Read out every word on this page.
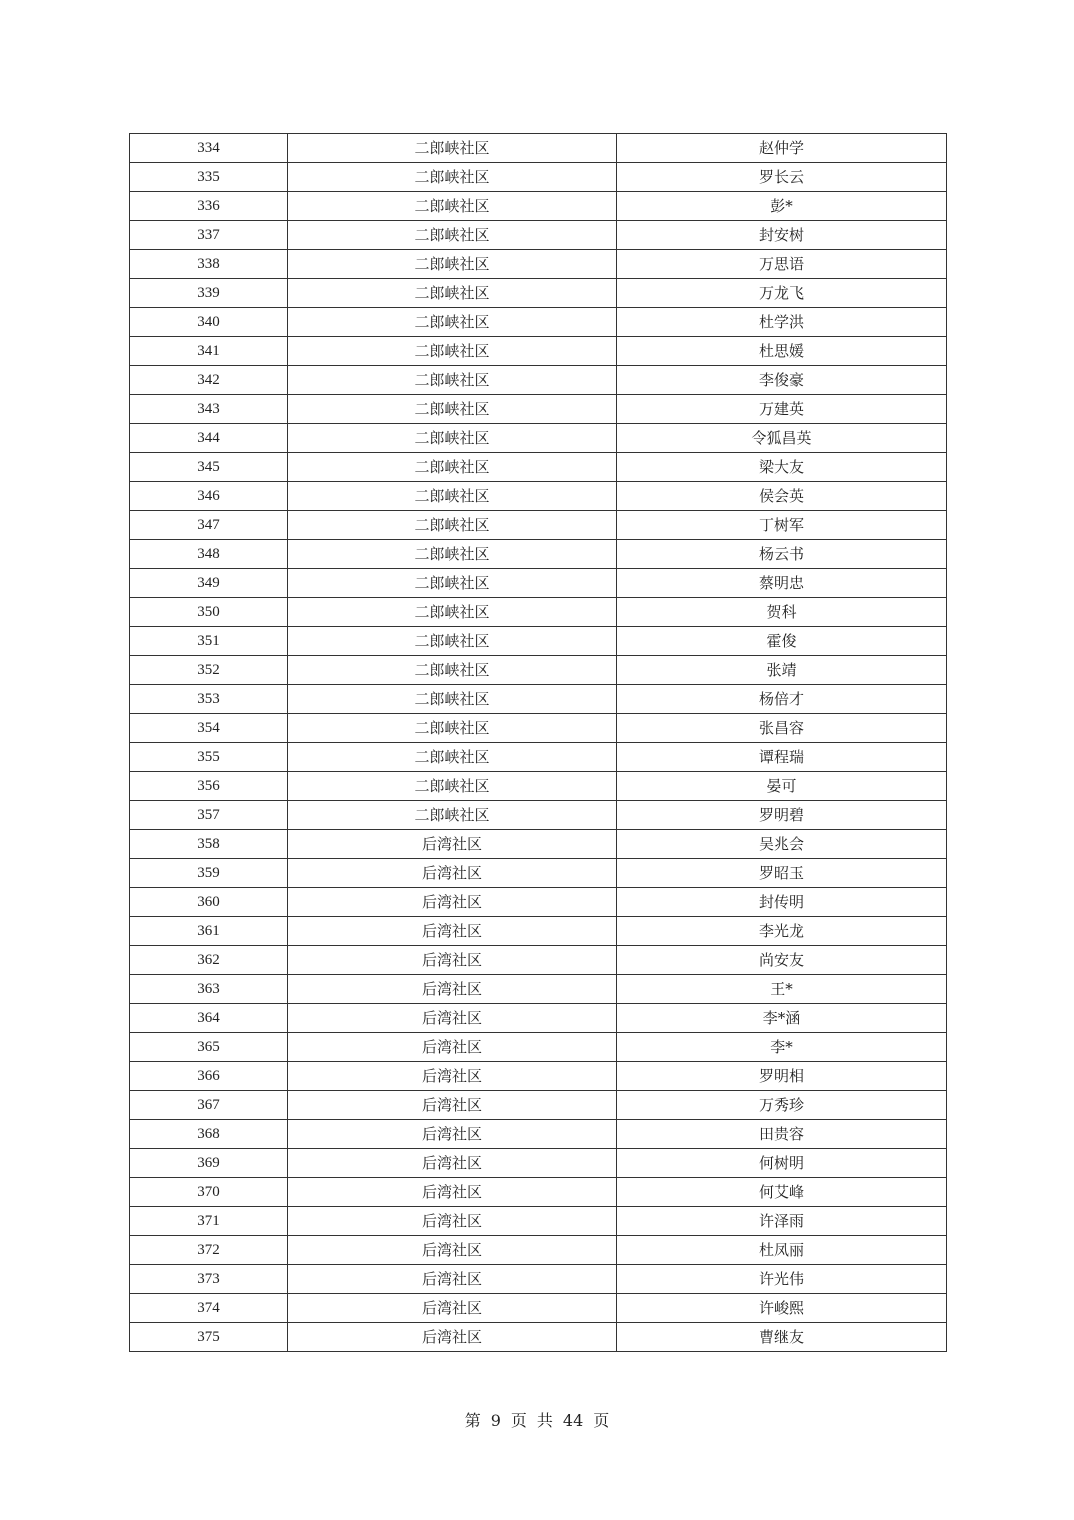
334	二郎峡社区	赵仲学
335	二郎峡社区	罗长云
336	二郎峡社区	彭*
337	二郎峡社区	封安树
338	二郎峡社区	万思语
339	二郎峡社区	万龙飞
340	二郎峡社区	杜学洪
341	二郎峡社区	杜思媛
342	二郎峡社区	李俊豪
343	二郎峡社区	万建英
344	二郎峡社区	令狐昌英
345	二郎峡社区	梁大友
346	二郎峡社区	侯会英
347	二郎峡社区	丁树军
348	二郎峡社区	杨云书
349	二郎峡社区	蔡明忠
350	二郎峡社区	贺科
351	二郎峡社区	霍俊
352	二郎峡社区	张靖
353	二郎峡社区	杨倍才
354	二郎峡社区	张昌容
355	二郎峡社区	谭程瑞
356	二郎峡社区	晏可
357	二郎峡社区	罗明碧
358	后湾社区	吴兆会
359	后湾社区	罗昭玉
360	后湾社区	封传明
361	后湾社区	李光龙
362	后湾社区	尚安友
363	后湾社区	王*
364	后湾社区	李*涵
365	后湾社区	李*
366	后湾社区	罗明相
367	后湾社区	万秀珍
368	后湾社区	田贵容
369	后湾社区	何树明
370	后湾社区	何艾峰
371	后湾社区	许泽雨
372	后湾社区	杜凤丽
373	后湾社区	许光伟
374	后湾社区	许峻熙
375	后湾社区	曹继友
第 9 页 共 44 页
